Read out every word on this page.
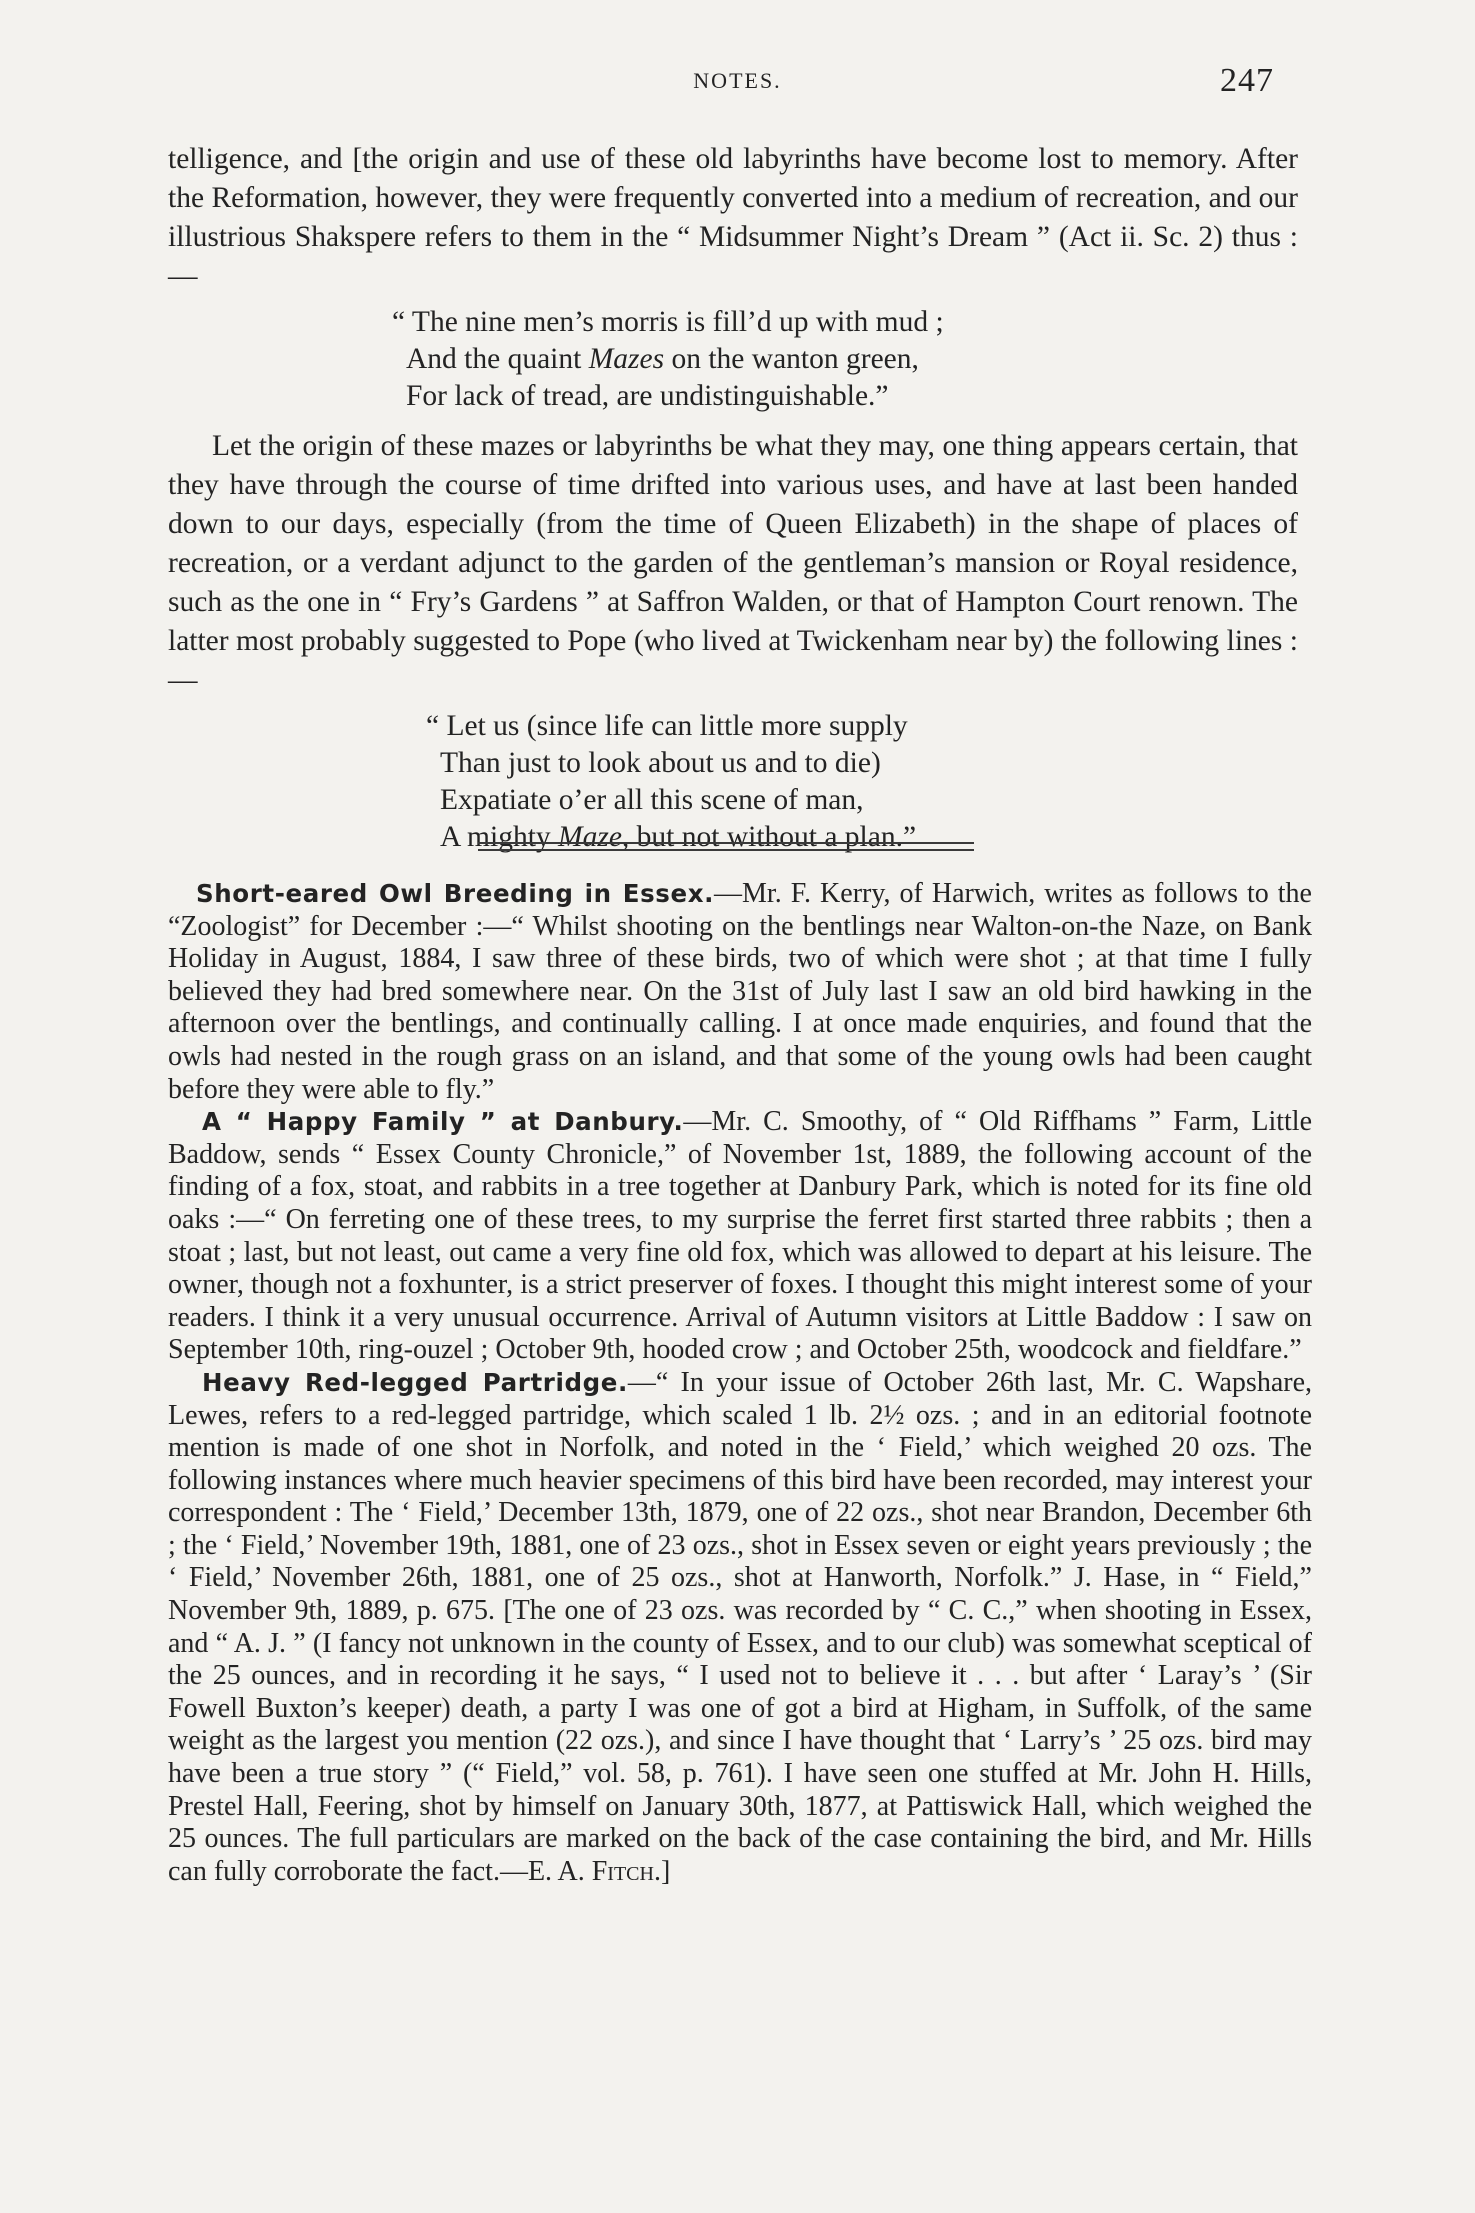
NOTES.	247

telligence, and [the origin and use of these old labyrinths have become lost to memory. After the Reformation, however, they were frequently converted into a medium of recreation, and our illustrious Shakspere refers to them in the “ Midsummer Night’s Dream ” (Act ii. Sc. 2) thus :—

“ The nine men’s morris is fill’d up with mud ;
And the quaint Mazes on the wanton green,
For lack of tread, are undistinguishable.”

Let the origin of these mazes or labyrinths be what they may, one thing appears certain, that they have through the course of time drifted into various uses, and have at last been handed down to our days, especially (from the time of Queen Elizabeth) in the shape of places of recreation, or a verdant adjunct to the garden of the gentleman’s mansion or Royal residence, such as the one in “ Fry’s Gardens ” at Saffron Walden, or that of Hampton Court renown. The latter most probably suggested to Pope (who lived at Twickenham near by) the following lines :—

“ Let us (since life can little more supply
Than just to look about us and to die)
Expatiate o’er all this scene of man,
A mighty Maze, but not without a plan.”

Short-eared Owl Breeding in Essex.—Mr. F. Kerry, of Harwich, writes as follows to the “Zoologist” for December :—“ Whilst shooting on the bentlings near Walton-on-the Naze, on Bank Holiday in August, 1884, I saw three of these birds, two of which were shot ; at that time I fully believed they had bred somewhere near. On the 31st of July last I saw an old bird hawking in the afternoon over the bentlings, and continually calling. I at once made enquiries, and found that the owls had nested in the rough grass on an island, and that some of the young owls had been caught before they were able to fly.”

A “ Happy Family ” at Danbury.—Mr. C. Smoothy, of “ Old Riffhams ” Farm, Little Baddow, sends “ Essex County Chronicle,” of November 1st, 1889, the following account of the finding of a fox, stoat, and rabbits in a tree together at Danbury Park, which is noted for its fine old oaks :—“ On ferreting one of these trees, to my surprise the ferret first started three rabbits ; then a stoat ; last, but not least, out came a very fine old fox, which was allowed to depart at his leisure. The owner, though not a foxhunter, is a strict preserver of foxes. I thought this might interest some of your readers. I think it a very unusual occurrence. Arrival of Autumn visitors at Little Baddow : I saw on September 10th, ring-ouzel ; October 9th, hooded crow ; and October 25th, woodcock and fieldfare.”

Heavy Red-legged Partridge.—“ In your issue of October 26th last, Mr. C. Wapshare, Lewes, refers to a red-legged partridge, which scaled 1 lb. 2½ ozs. ; and in an editorial footnote mention is made of one shot in Norfolk, and noted in the ‘ Field,’ which weighed 20 ozs. The following instances where much heavier specimens of this bird have been recorded, may interest your correspondent : The ‘ Field,’ December 13th, 1879, one of 22 ozs., shot near Brandon, December 6th ; the ‘ Field,’ November 19th, 1881, one of 23 ozs., shot in Essex seven or eight years previously ; the ‘ Field,’ November 26th, 1881, one of 25 ozs., shot at Hanworth, Norfolk.” J. Hase, in “ Field,” November 9th, 1889, p. 675. [The one of 23 ozs. was recorded by “ C. C.,” when shooting in Essex, and “ A. J. ” (I fancy not unknown in the county of Essex, and to our club) was somewhat sceptical of the 25 ounces, and in recording it he says, “ I used not to believe it . . . but after ‘ Laray’s ’ (Sir Fowell Buxton’s keeper) death, a party I was one of got a bird at Higham, in Suffolk, of the same weight as the largest you mention (22 ozs.), and since I have thought that ‘ Larry’s ’ 25 ozs. bird may have been a true story ” (“ Field,” vol. 58, p. 761). I have seen one stuffed at Mr. John H. Hills, Prestel Hall, Feering, shot by himself on January 30th, 1877, at Pattiswick Hall, which weighed the 25 ounces. The full particulars are marked on the back of the case containing the bird, and Mr. Hills can fully corroborate the fact.—E. A. Fitch.]
